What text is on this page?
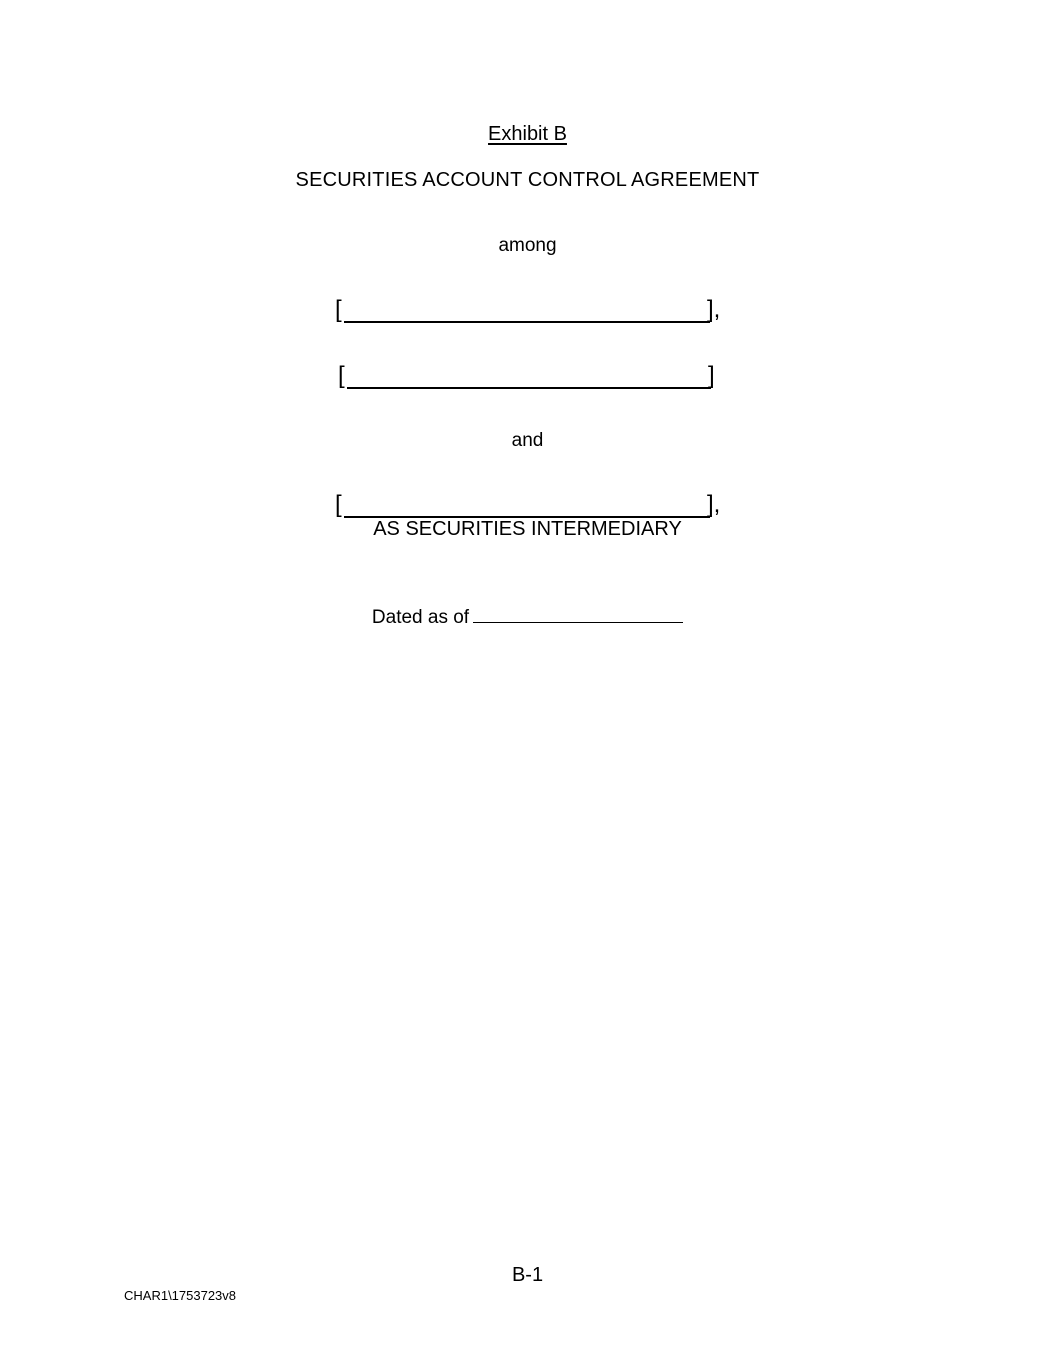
Exhibit B
SECURITIES ACCOUNT CONTROL AGREEMENT
among
[	],
[	]
and
[	],
AS SECURITIES INTERMEDIARY
Dated as of
B-1
CHAR1\1753723v8
